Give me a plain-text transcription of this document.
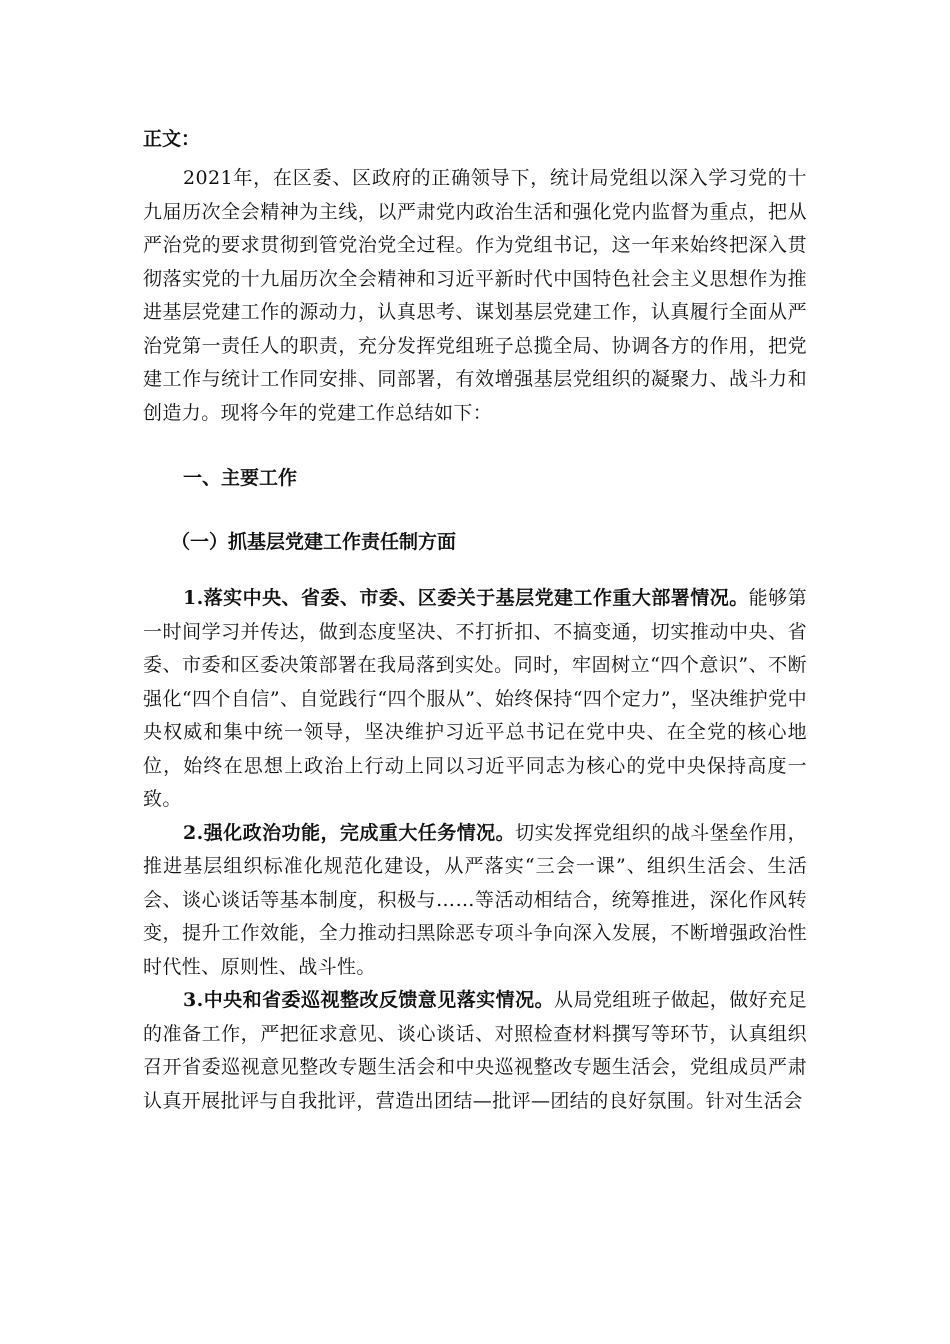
正文：

2021年，在区委、区政府的正确领导下，统计局党组以深入学习党的十九届历次全会精神为主线，以严肃党内政治生活和强化党内监督为重点，把从严治党的要求贯彻到管党治党全过程。作为党组书记，这一年来始终把深入贯彻落实党的十九届历次全会精神和习近平新时代中国特色社会主义思想作为推进基层党建工作的源动力，认真思考、谋划基层党建工作，认真履行全面从严治党第一责任人的职责，充分发挥党组班子总揽全局、协调各方的作用，把党建工作与统计工作同安排、同部署，有效增强基层党组织的凝聚力、战斗力和创造力。现将今年的党建工作总结如下：

一、主要工作

（一）抓基层党建工作责任制方面

1.落实中央、省委、市委、区委关于基层党建工作重大部署情况。能够第一时间学习并传达，做到态度坚决、不打折扣、不搞变通，切实推动中央、省委、市委和区委决策部署在我局落到实处。同时，牢固树立“四个意识”、不断强化“四个自信”、自觉践行“四个服从”、始终保持“四个定力”，坚决维护党中央权威和集中统一领导，坚决维护习近平总书记在党中央、在全党的核心地位，始终在思想上政治上行动上同以习近平同志为核心的党中央保持高度一致。

2.强化政治功能，完成重大任务情况。切实发挥党组织的战斗堡垒作用，推进基层组织标准化规范化建设，从严落实“三会一课”、组织生活会、生活会、谈心谈话等基本制度，积极与……等活动相结合，统筹推进，深化作风转变，提升工作效能，全力推动扫黑除恶专项斗争向深入发展，不断增强政治性时代性、原则性、战斗性。

3.中央和省委巡视整改反馈意见落实情况。从局党组班子做起，做好充足的准备工作，严把征求意见、谈心谈话、对照检查材料撰写等环节，认真组织召开省委巡视意见整改专题生活会和中央巡视整改专题生活会，党组成员严肃认真开展批评与自我批评，营造出团结—批评—团结的良好氛围。针对生活会
